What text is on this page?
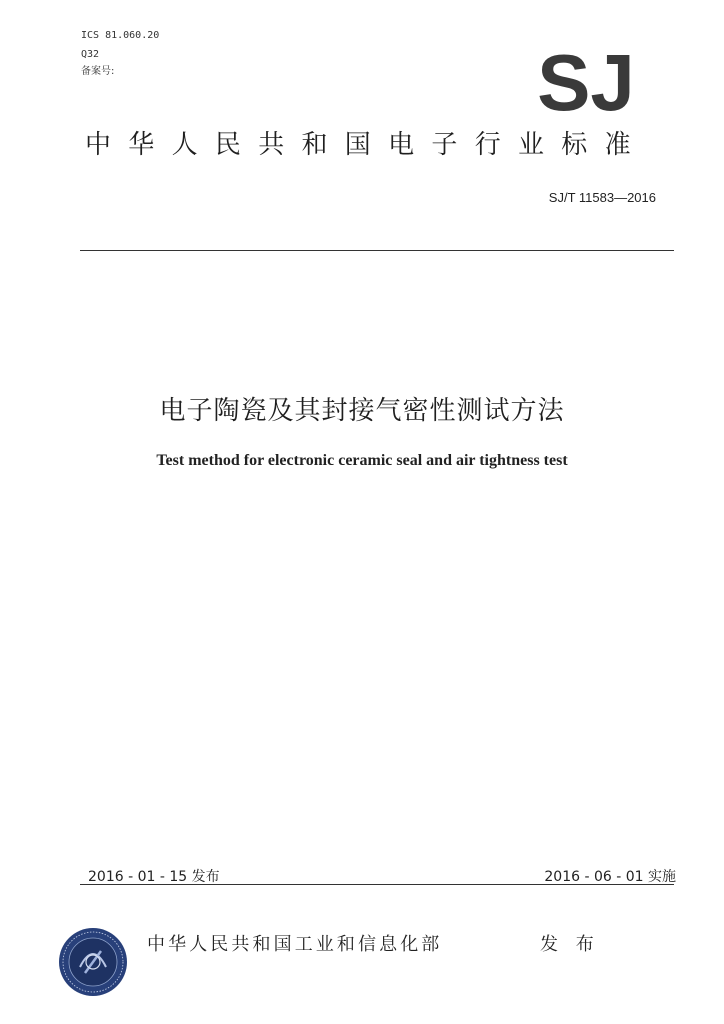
ICS 81.060.20
Q32
备案号:	SJ
中华人民共和国电子行业标准
SJ/T 11583—2016
电子陶瓷及其封接气密性测试方法
Test method for electronic ceramic seal and air tightness test
2016 - 01 - 15 发布	2016 - 06 - 01 实施
中华人民共和国工业和信息化部	发 布
